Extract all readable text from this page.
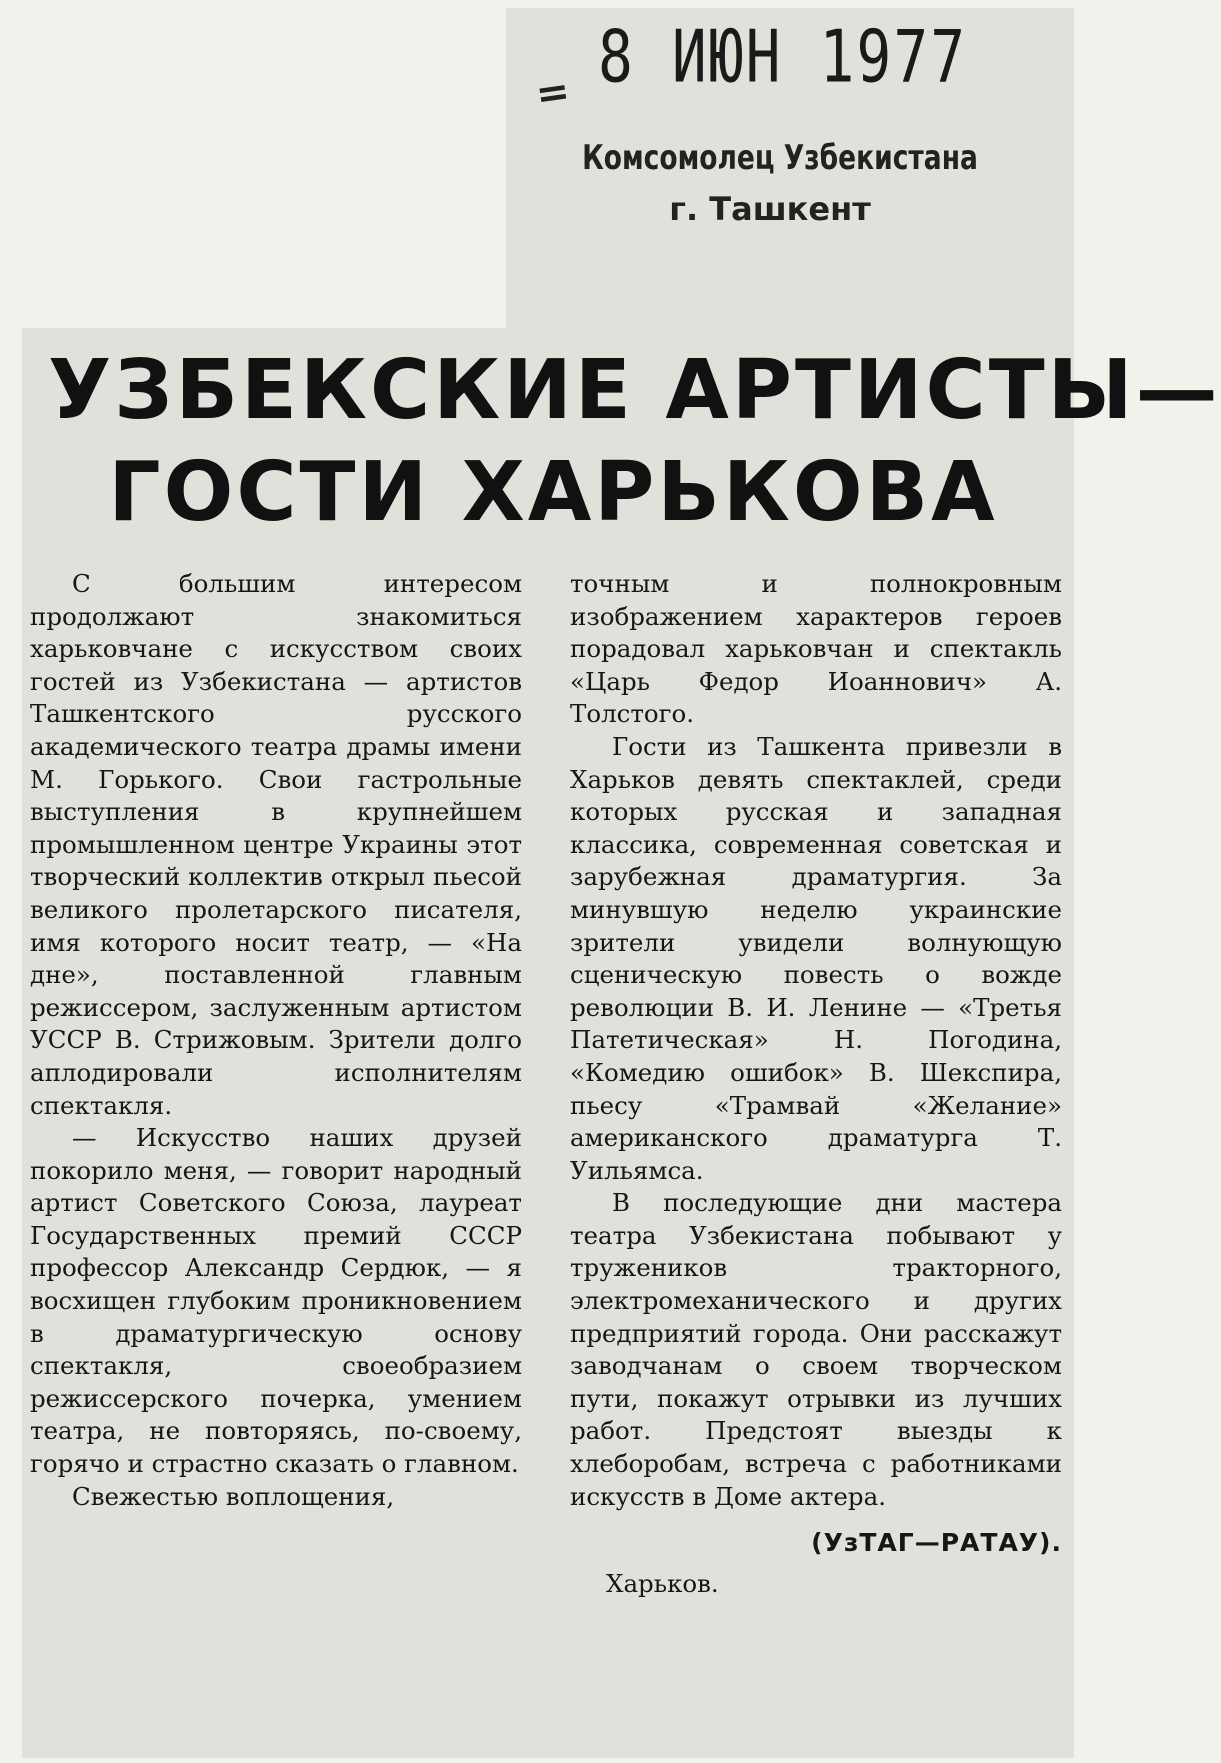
= 8 ИЮН 1977
Комсомолец Узбекистана
г. Ташкент
УЗБЕКСКИЕ АРТИСТЫ—
ГОСТИ ХАРЬКОВА

С большим интересом продолжают знакомиться харьковчане с искусством своих гостей из Узбекистана — артистов Ташкентского русского академического театра драмы имени М. Горького. Свои гастрольные выступления в крупнейшем промышленном центре Украины этот творческий коллектив открыл пьесой великого пролетарского писателя, имя которого носит театр, — «На дне», поставленной главным режиссером, заслуженным артистом УССР В. Стрижовым. Зрители долго аплодировали исполнителям спектакля.

— Искусство наших друзей покорило меня, — говорит народный артист Советского Союза, лауреат Государственных премий СССР профессор Александр Сердюк, — я восхищен глубоким проникновением в драматургическую основу спектакля, своеобразием режиссерского почерка, умением театра, не повторяясь, по-своему, горячо и страстно сказать о главном.

Свежестью воплощения,

точным и полнокровным изображением характеров героев порадовал харьковчан и спектакль «Царь Федор Иоаннович» А. Толстого.

Гости из Ташкента привезли в Харьков девять спектаклей, среди которых русская и западная классика, современная советская и зарубежная драматургия. За минувшую неделю украинские зрители увидели волнующую сценическую повесть о вожде революции В. И. Ленине — «Третья Патетическая» Н. Погодина, «Комедию ошибок» В. Шекспира, пьесу «Трамвай «Желание» американского драматурга Т. Уильямса.

В последующие дни мастера театра Узбекистана побывают у тружеников тракторного, электромеханического и других предприятий города. Они расскажут заводчанам о своем творческом пути, покажут отрывки из лучших работ. Предстоят выезды к хлеборобам, встреча с работниками искусств в Доме актера.

(УзТАГ—РАТАУ).
Харьков.
